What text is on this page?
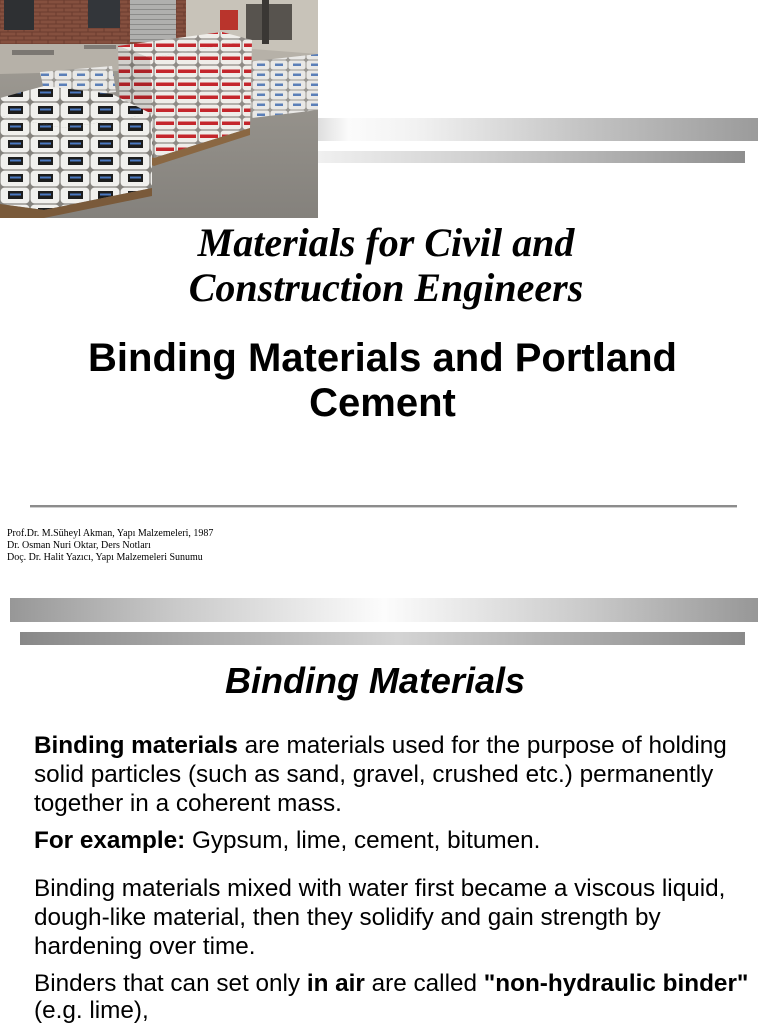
Materials for Civil and
Construction Engineers
Binding Materials and Portland
Cement
Prof.Dr. M.Süheyl Akman, Yapı Malzemeleri, 1987
Dr. Osman Nuri Oktar, Ders Notları
Doç. Dr. Halit Yazıcı, Yapı Malzemeleri Sunumu
Binding Materials
Binding materials are materials used for the purpose of holding
solid particles (such as sand, gravel, crushed etc.) permanently
together in a coherent mass.
For example: Gypsum, lime, cement, bitumen.
Binding materials mixed with water first became a viscous liquid,
dough-like material, then they solidify and gain strength by
hardening over time.
Binders that can set only in air are called "non-hydraulic binder"
(e.g. lime),
